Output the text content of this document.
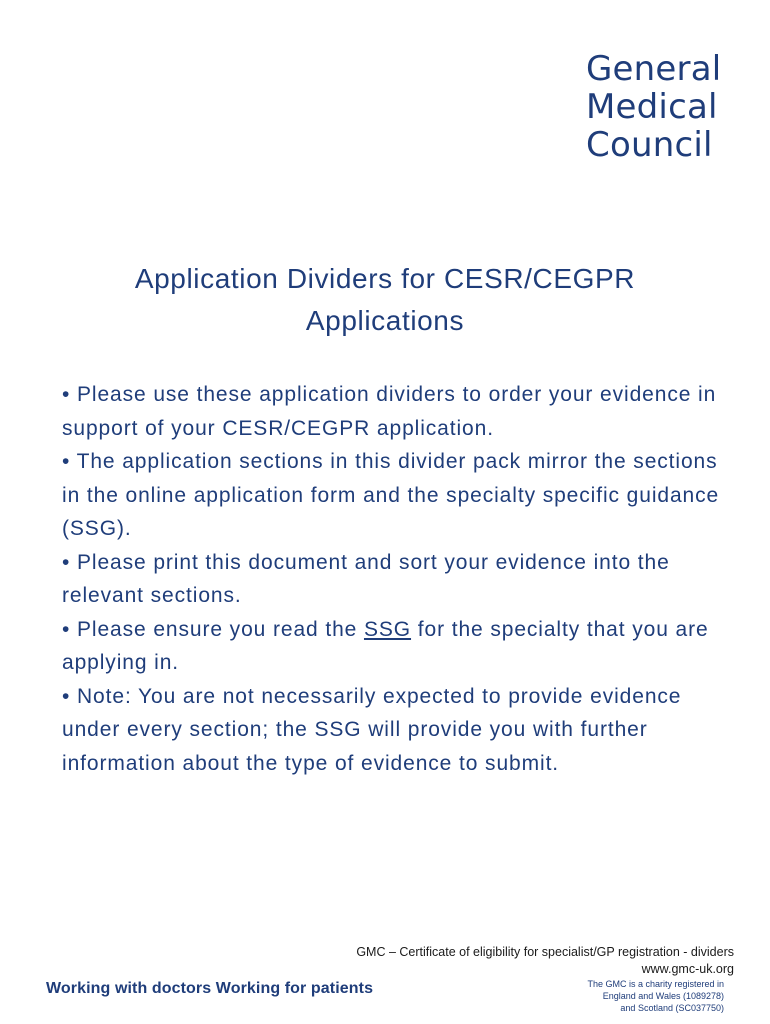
General
Medical
Council
Application Dividers for CESR/CEGPR
Applications

• Please use these application dividers to order your evidence in support of your CESR/CEGPR application.

• The application sections in this divider pack mirror the sections in the online application form and the specialty specific guidance (SSG).

• Please print this document and sort your evidence into the relevant sections.

• Please ensure you read the SSG for the specialty that you are applying in.

• Note: You are not necessarily expected to provide evidence under every section; the SSG will provide you with further information about the type of evidence to submit.

GMC – Certificate of eligibility for specialist/GP registration - dividers
www.gmc-uk.org
The GMC is a charity registered in
England and Wales (1089278)
and Scotland (SC037750)
Working with doctors Working for patients
